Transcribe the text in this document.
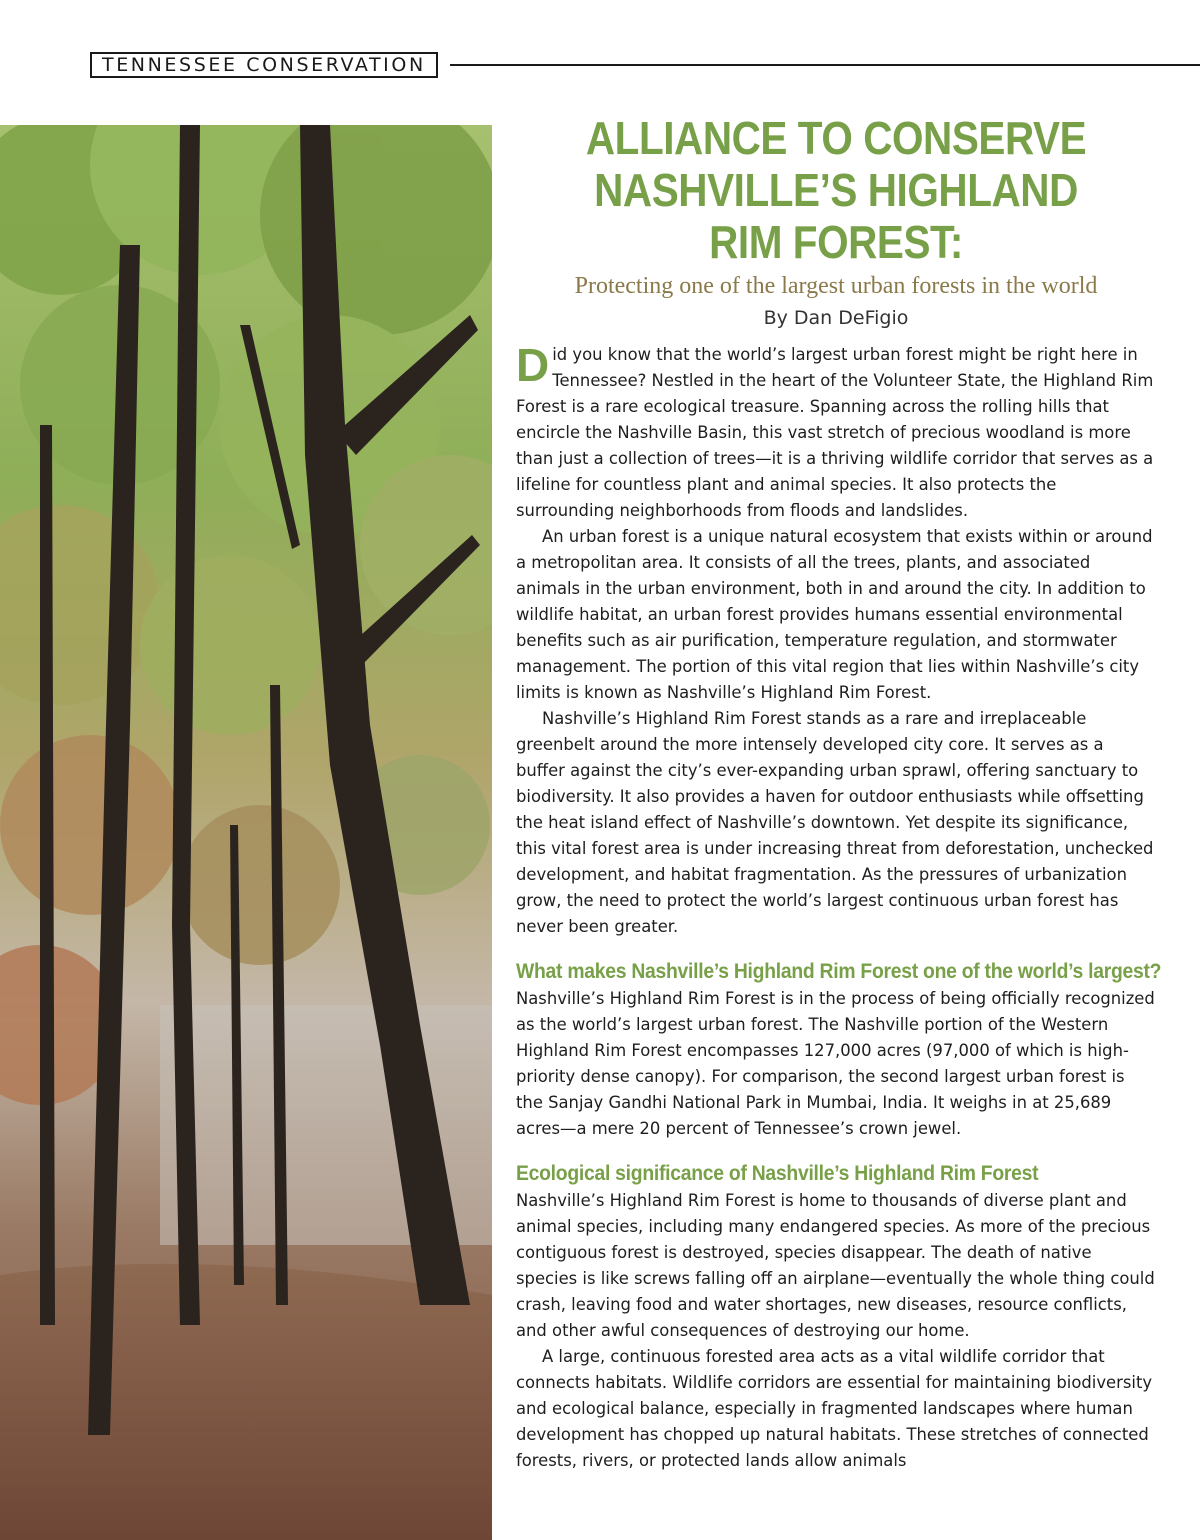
TENNESSEE CONSERVATION
ALLIANCE TO CONSERVE NASHVILLE’S HIGHLAND RIM FOREST:

Protecting one of the largest urban forests in the world

By Dan DeFigio

Did you know that the world’s largest urban forest might be right here in Tennessee? Nestled in the heart of the Volunteer State, the Highland Rim Forest is a rare ecological treasure. Spanning across the rolling hills that encircle the Nashville Basin, this vast stretch of precious woodland is more than just a collection of trees—it is a thriving wildlife corridor that serves as a lifeline for countless plant and animal species. It also protects the surrounding neighborhoods from floods and landslides.

An urban forest is a unique natural ecosystem that exists within or around a metropolitan area. It consists of all the trees, plants, and associated animals in the urban environment, both in and around the city. In addition to wildlife habitat, an urban forest provides humans essential environmental benefits such as air purification, temperature regulation, and stormwater management. The portion of this vital region that lies within Nashville’s city limits is known as Nashville’s Highland Rim Forest.

Nashville’s Highland Rim Forest stands as a rare and irreplaceable greenbelt around the more intensely developed city core. It serves as a buffer against the city’s ever-expanding urban sprawl, offering sanctuary to biodiversity. It also provides a haven for outdoor enthusiasts while offsetting the heat island effect of Nashville’s downtown. Yet despite its significance, this vital forest area is under increasing threat from deforestation, unchecked development, and habitat fragmentation. As the pressures of urbanization grow, the need to protect the world’s largest continuous urban forest has never been greater.

What makes Nashville’s Highland Rim Forest one of the world’s largest?

Nashville’s Highland Rim Forest is in the process of being officially recognized as the world’s largest urban forest. The Nashville portion of the Western Highland Rim Forest encompasses 127,000 acres (97,000 of which is high-priority dense canopy). For comparison, the second largest urban forest is the Sanjay Gandhi National Park in Mumbai, India. It weighs in at 25,689 acres—a mere 20 percent of Tennessee’s crown jewel.

Ecological significance of Nashville’s Highland Rim Forest

Nashville’s Highland Rim Forest is home to thousands of diverse plant and animal species, including many endangered species. As more of the precious contiguous forest is destroyed, species disappear. The death of native species is like screws falling off an airplane—eventually the whole thing could crash, leaving food and water shortages, new diseases, resource conflicts, and other awful consequences of destroying our home.

A large, continuous forested area acts as a vital wildlife corridor that connects habitats. Wildlife corridors are essential for maintaining biodiversity and ecological balance, especially in fragmented landscapes where human development has chopped up natural habitats. These stretches of connected forests, rivers, or protected lands allow animals
